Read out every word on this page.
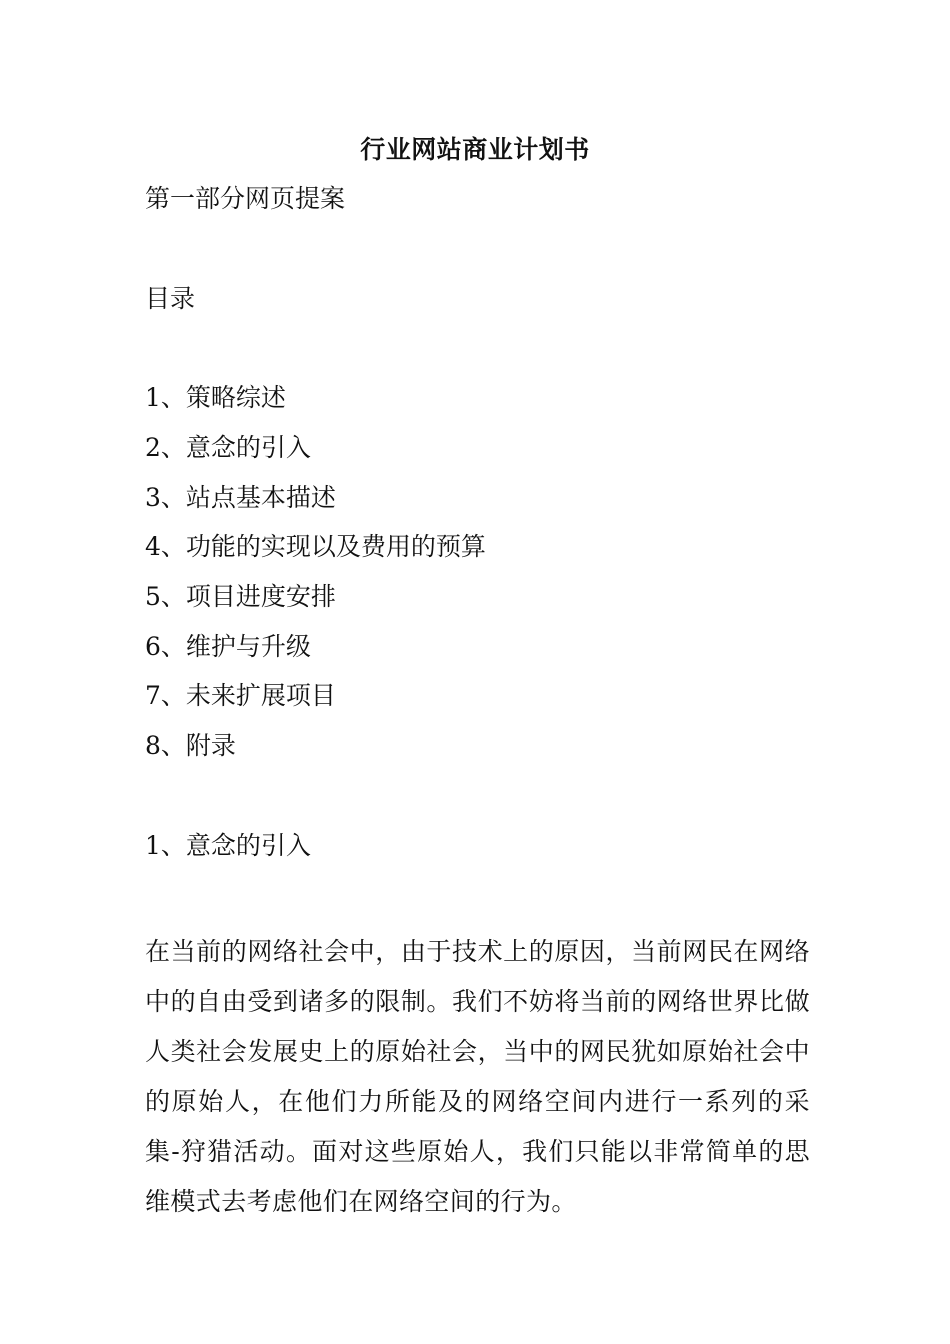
行业网站商业计划书
第一部分网页提案
目录
1、策略综述
2、意念的引入
3、站点基本描述
4、功能的实现以及费用的预算
5、项目进度安排
6、维护与升级
7、未来扩展项目
8、附录
1、意念的引入
在当前的网络社会中，由于技术上的原因，当前网民在网络中的自由受到诸多的限制。我们不妨将当前的网络世界比做人类社会发展史上的原始社会，当中的网民犹如原始社会中的原始人，在他们力所能及的网络空间内进行一系列的采集-狩猎活动。面对这些原始人，我们只能以非常简单的思维模式去考虑他们在网络空间的行为。
